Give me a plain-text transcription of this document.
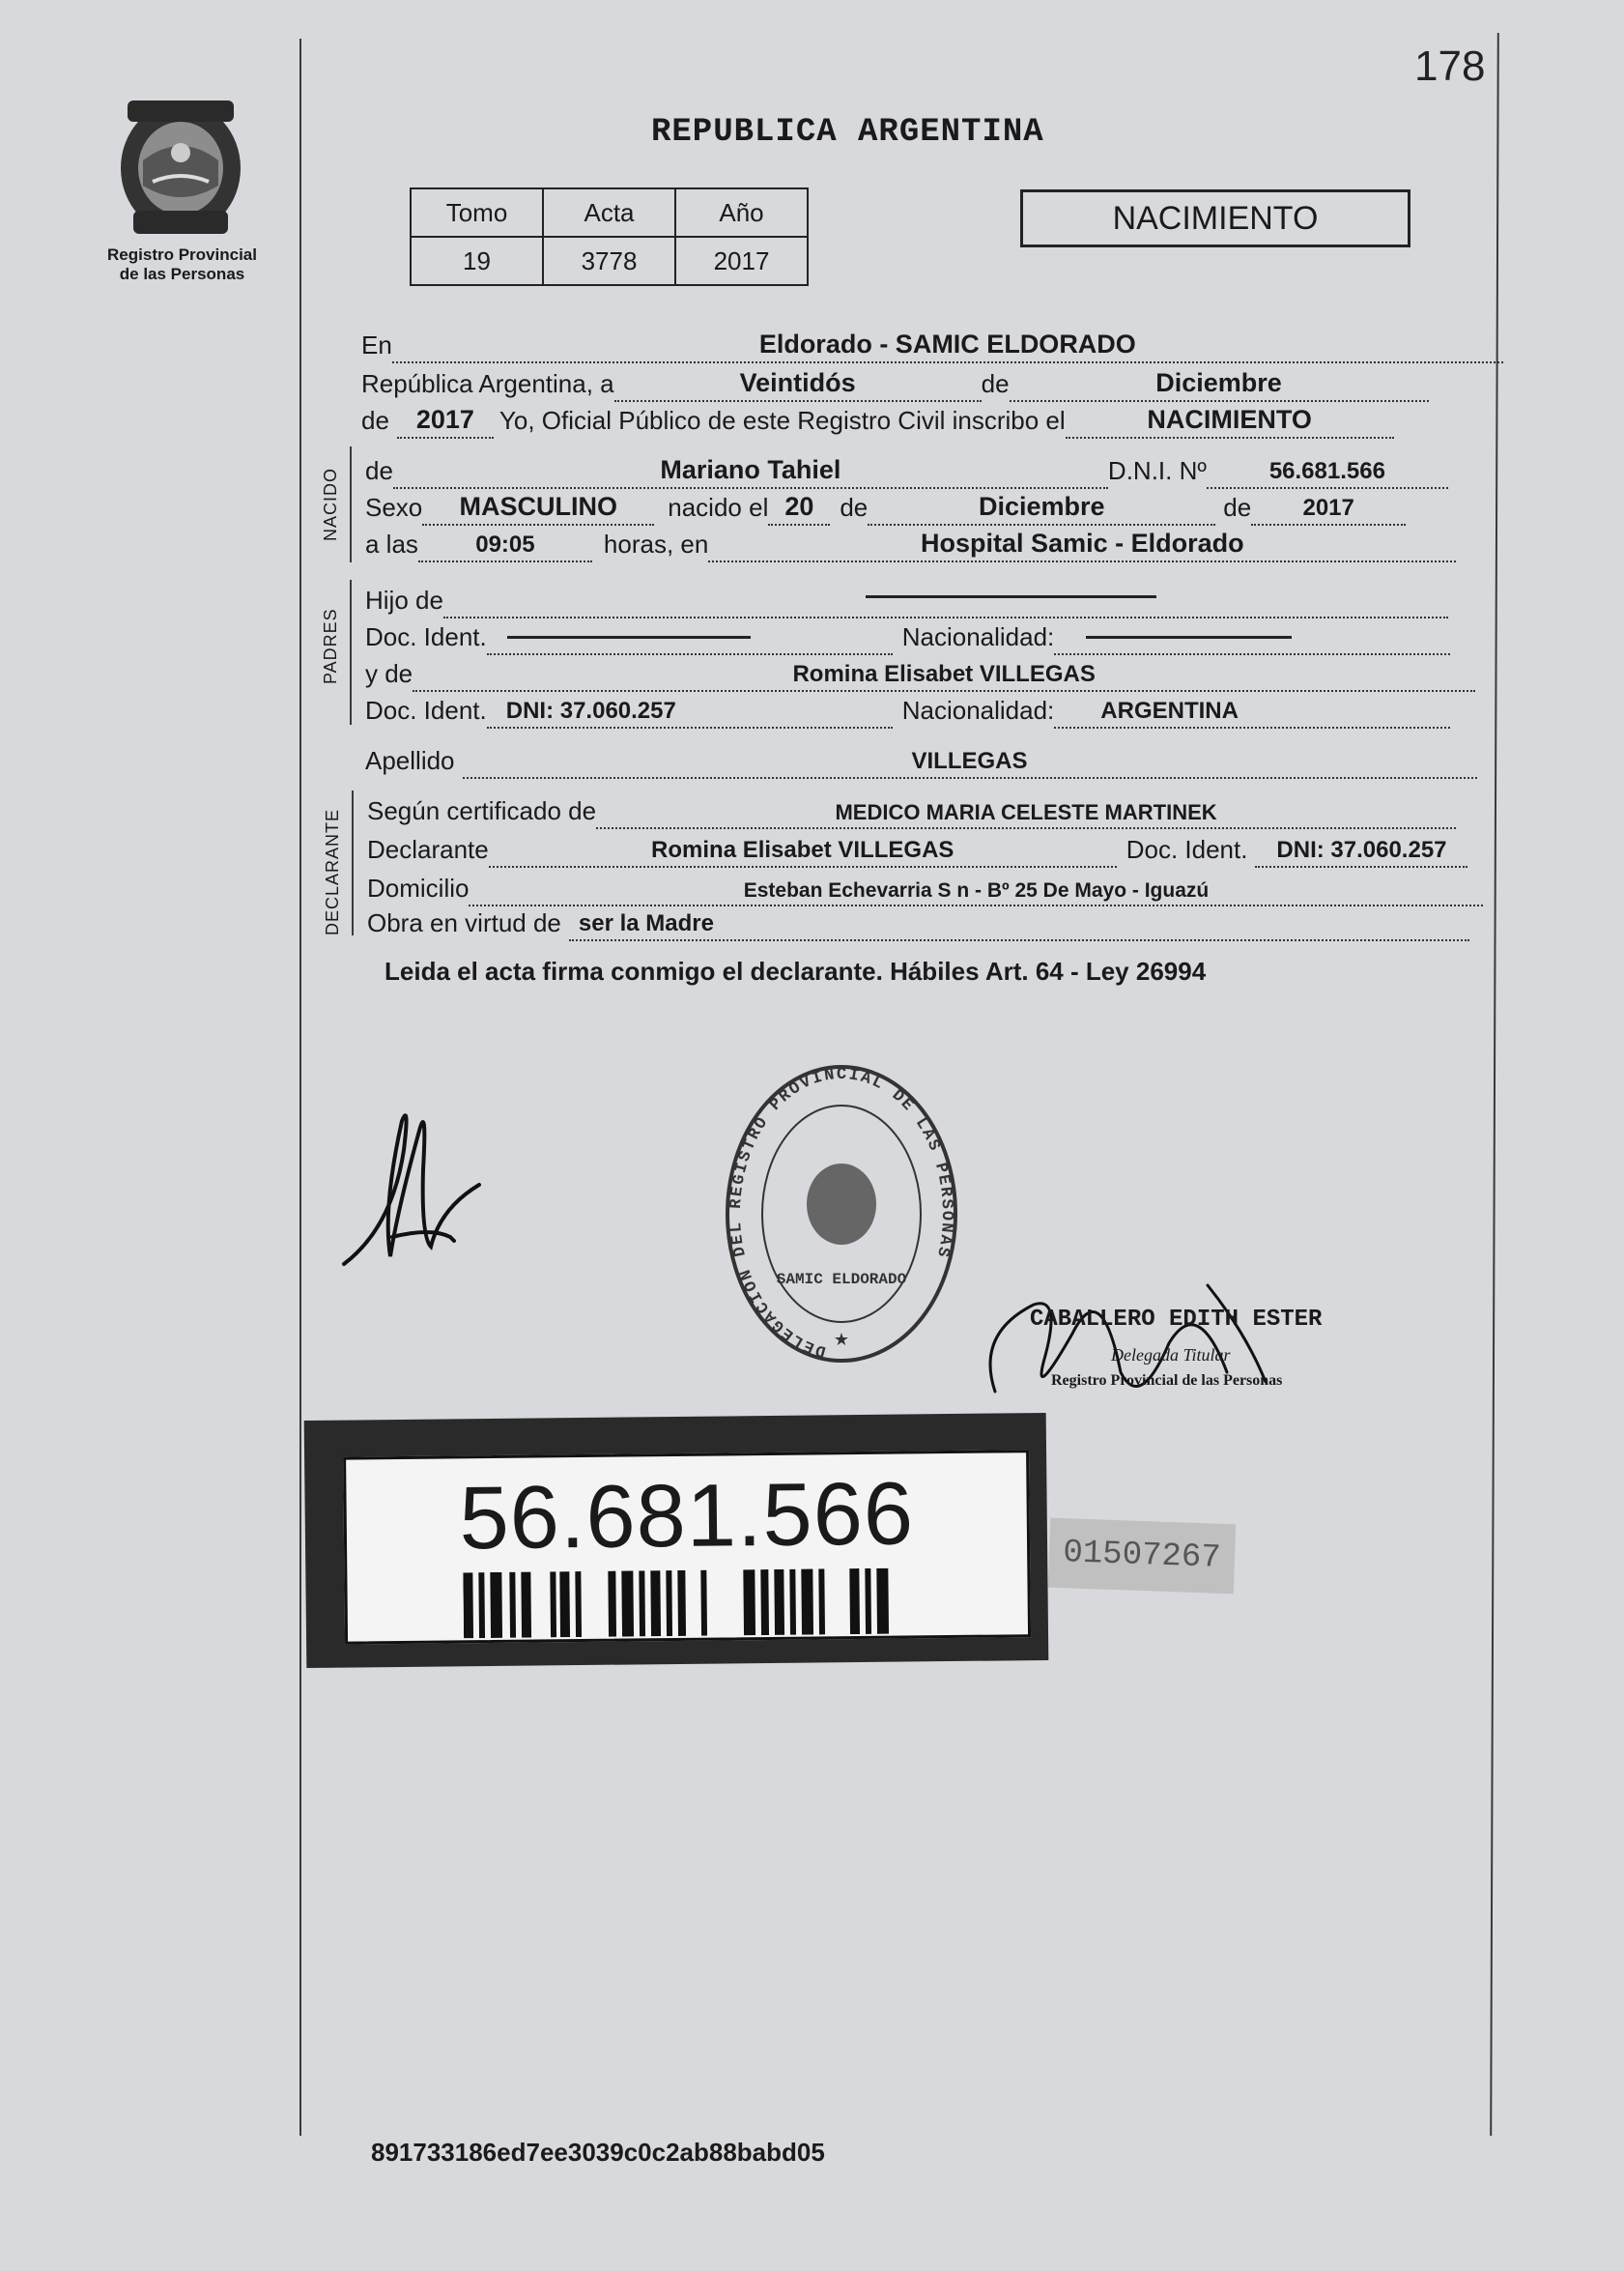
178
Registro Provincial
de las Personas
REPUBLICA ARGENTINA
Tomo	Acta	Año
19	3778	2017
NACIMIENTO
En	Eldorado - SAMIC ELDORADO
República Argentina, a	Veintidós	de	Diciembre
de	2017 Yo, Oficial Público de este Registro Civil inscribo el	NACIMIENTO
NACIDO de	Mariano Tahiel	D.N.I. Nº	56.681.566
Sexo	MASCULINO	nacido el 20	de	Diciembre	de	2017
a las	09:05	horas, en	Hospital Samic - Eldorado
PADRES
Hijo de
Doc. Ident.	Nacionalidad:
y de	Romina Elisabet VILLEGAS
Doc. Ident. DNI: 37.060.257	Nacionalidad: ARGENTINA
Apellido	VILLEGAS
DECLARANTE Según certificado de	MEDICO MARIA CELESTE MARTINEK
Declarante	Romina Elisabet VILLEGAS	Doc. Ident.	DNI: 37.060.257
Domicilio	Esteban Echevarria S n - Bº 25 De Mayo - Iguazú
Obra en virtud de ser la Madre
Leida el acta firma conmigo el declarante. Hábiles Art. 64 - Ley 26994
DELEGACION DEL REGISTRO PROVINCIAL DE LAS PERSONAS
SAMIC ELDORADO
★
CABALLERO EDITH ESTER
Delegada Titular
Registro Provincial de las Personas
56.681.566	01507267
891733186ed7ee3039c0c2ab88babd05
